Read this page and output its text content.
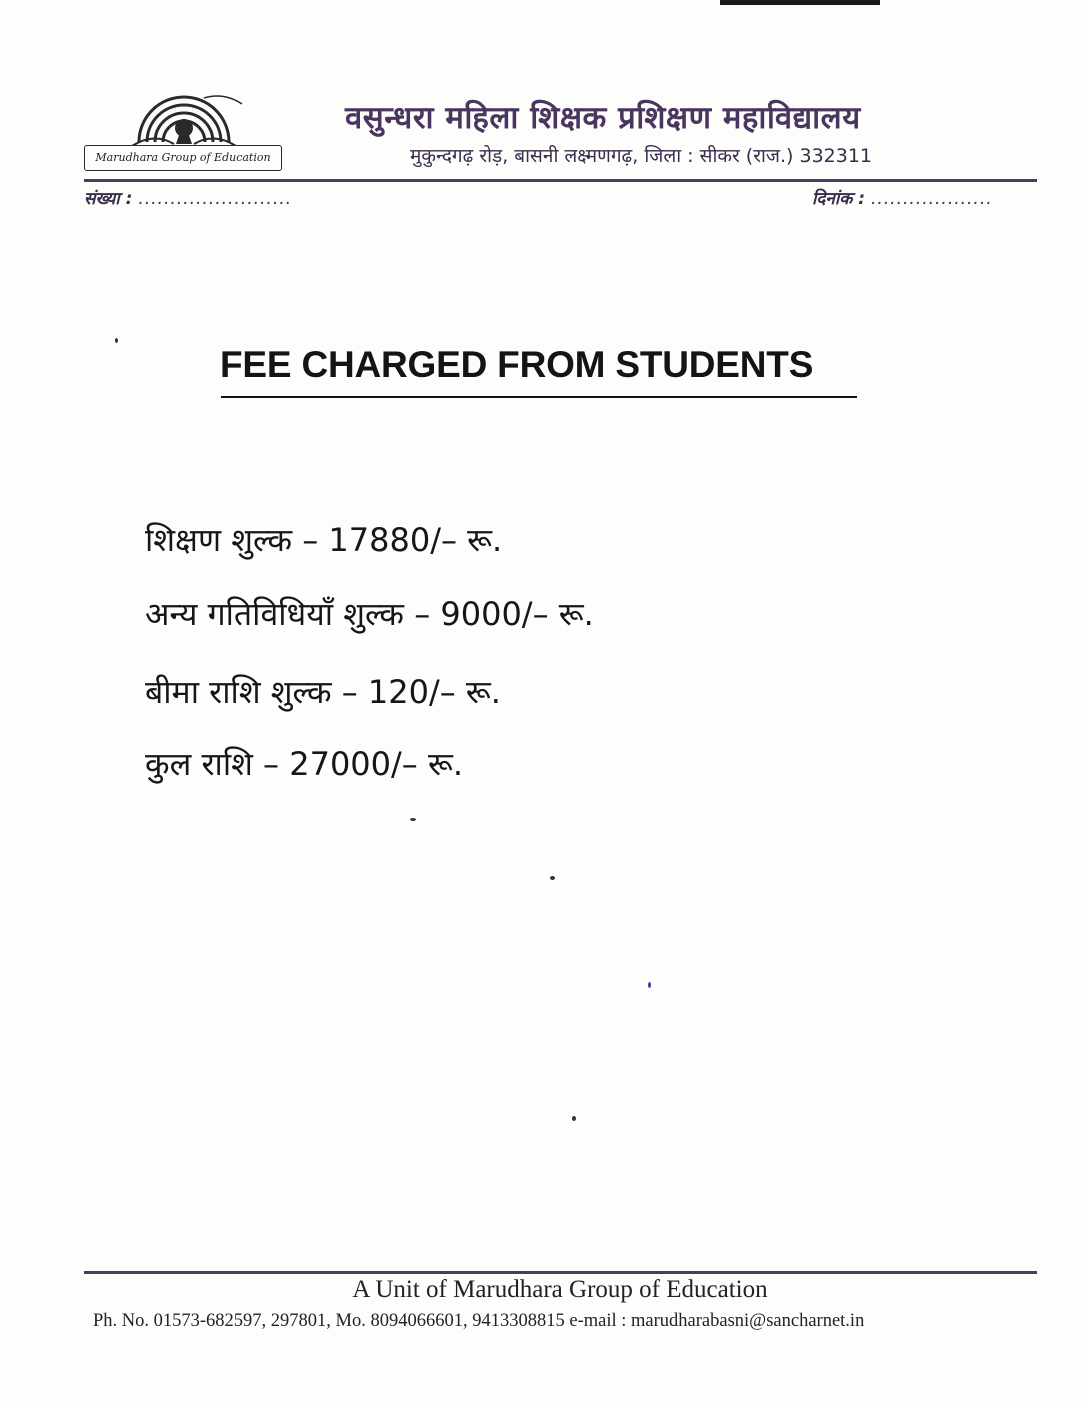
Marudhara Group of Education
वसुन्धरा महिला शिक्षक प्रशिक्षण महाविद्यालय
मुकुन्दगढ़ रोड़, बासनी लक्ष्मणगढ़, जिला : सीकर (राज.) 332311
संख्या : ........................	दिनांक : ...................
FEE CHARGED FROM STUDENTS
शिक्षण शुल्क – 17880/– रू.
अन्य गतिविधियाँ शुल्क – 9000/– रू.
बीमा राशि शुल्क – 120/– रू.
कुल राशि – 27000/– रू.
A Unit of Marudhara Group of Education
Ph. No. 01573-682597, 297801, Mo. 8094066601, 9413308815 e-mail : marudharabasni@sancharnet.in
